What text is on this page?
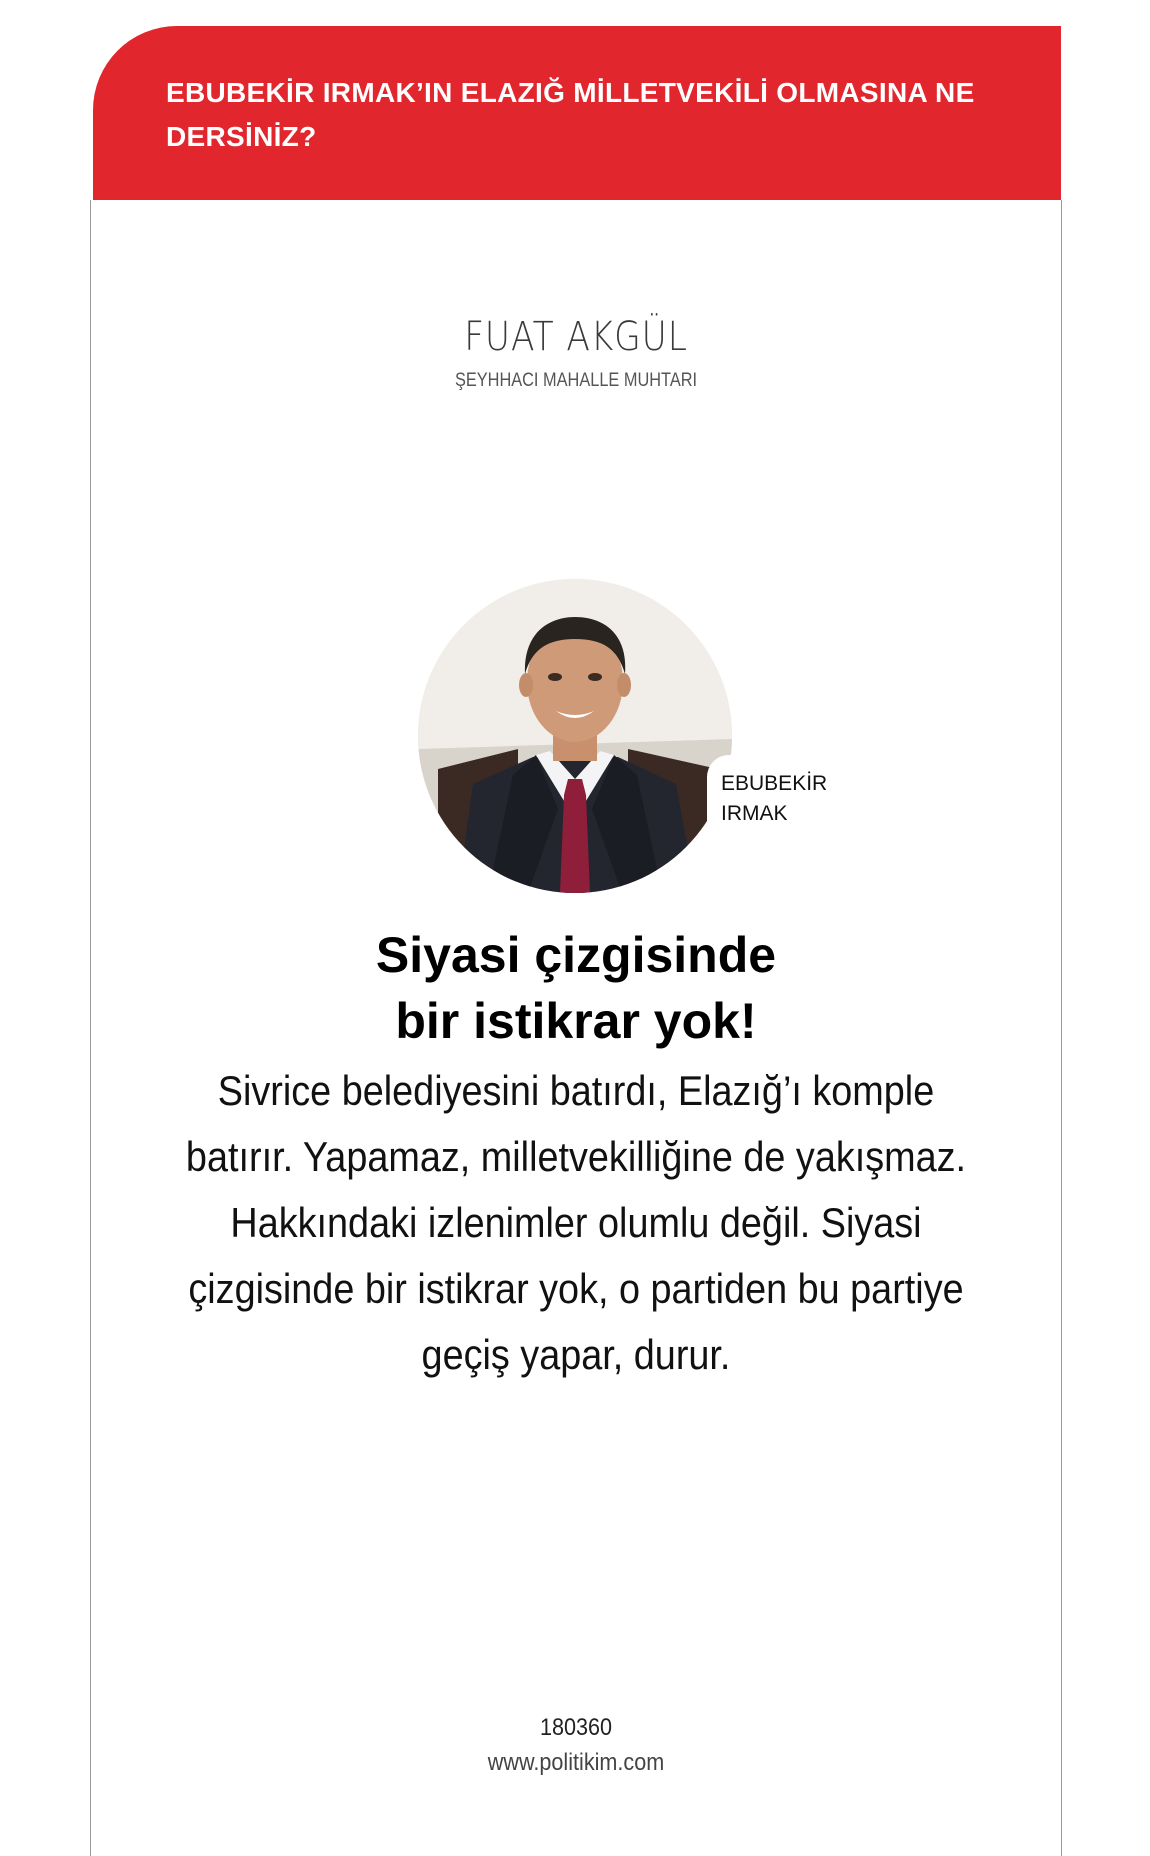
EBUBEKİR IRMAK’IN ELAZIĞ MİLLETVEKİLİ OLMASINA NE DERSİNİZ?
FUAT AKGÜL
ŞEYHHACI MAHALLE MUHTARI
EBUBEKİR
IRMAK
Siyasi çizgisinde
bir istikrar yok!

Sivrice belediyesini batırdı, Elazığ’ı komple batırır. Yapamaz, milletvekilliğine de yakışmaz. Hakkındaki izlenimler olumlu değil. Siyasi çizgisinde bir istikrar yok, o partiden bu partiye geçiş yapar, durur.

180360
www.politikim.com
